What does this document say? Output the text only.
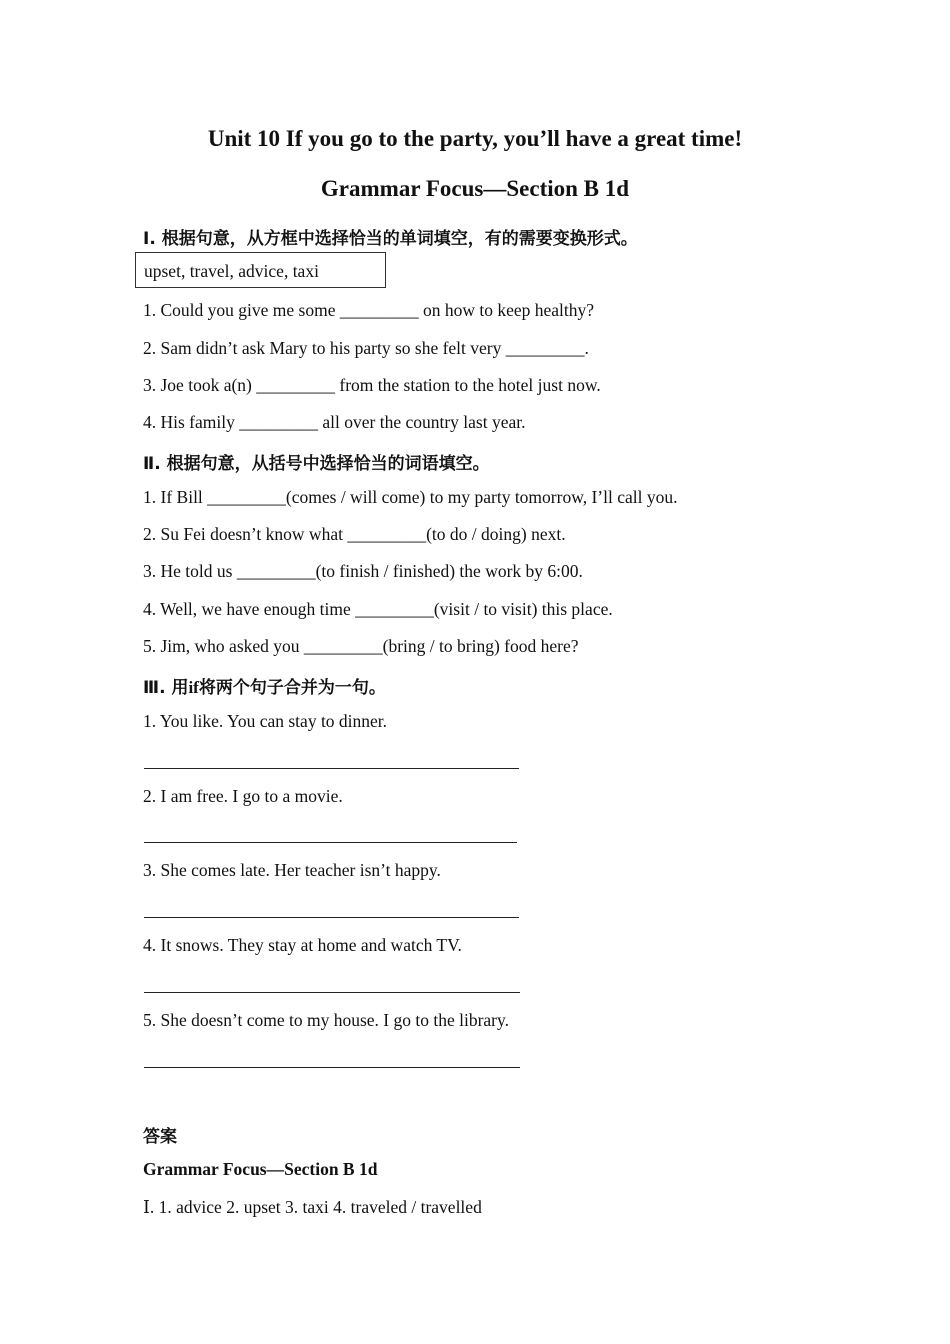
Unit 10 If you go to the party, you’ll have a great time!
Grammar Focus—Section B 1d
Ⅰ. 根据句意，从方框中选择恰当的单词填空，有的需要变换形式。
upset, travel, advice, taxi
1. Could you give me some _________ on how to keep healthy?
2. Sam didn’t ask Mary to his party so she felt very _________.
3. Joe took a(n) _________ from the station to the hotel just now.
4. His family _________ all over the country last year.
Ⅱ. 根据句意，从括号中选择恰当的词语填空。
1. If Bill _________(comes / will come) to my party tomorrow, I’ll call you.
2. Su Fei doesn’t know what _________(to do / doing) next.
3. He told us _________(to finish / finished) the work by 6:00.
4. Well, we have enough time _________(visit / to visit) this place.
5. Jim, who asked you _________(bring / to bring) food here?
Ⅲ. 用if将两个句子合并为一句。
1. You like. You can stay to dinner.
2. I am free. I go to a movie.
3. She comes late. Her teacher isn’t happy.
4. It snows. They stay at home and watch TV.
5. She doesn’t come to my house. I go to the library.
答案
Grammar Focus—Section B 1d
Ⅰ. 1. advice 2. upset 3. taxi 4. traveled / travelled
